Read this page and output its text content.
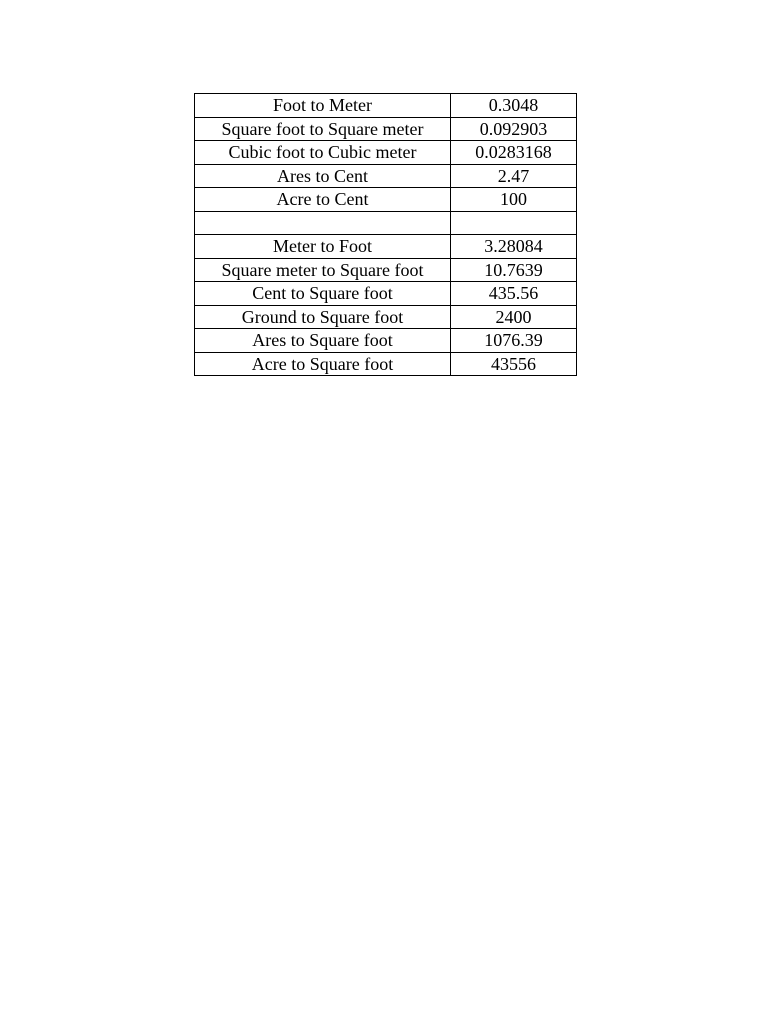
Foot to Meter	0.3048
Square foot to Square meter	0.092903
Cubic foot to Cubic meter	0.0283168
Ares to Cent	2.47
Acre to Cent	100

Meter to Foot	3.28084
Square meter to Square foot	10.7639
Cent to Square foot	435.56
Ground to Square foot	2400
Ares to Square foot	1076.39
Acre to Square foot	43556
